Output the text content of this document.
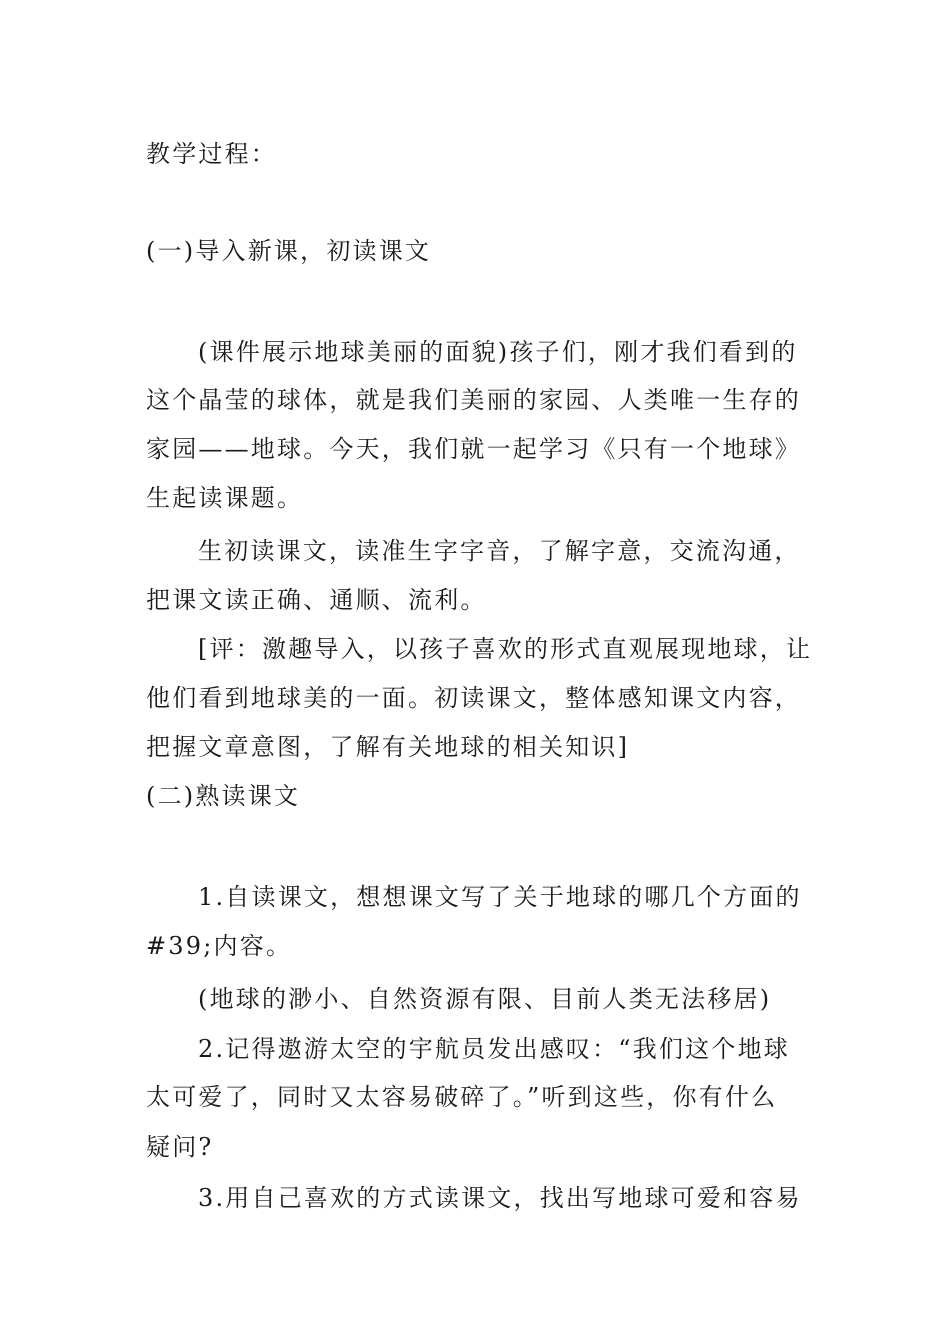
教学过程：
(一)导入新课，初读课文
(课件展示地球美丽的面貌)孩子们，刚才我们看到的
这个晶莹的球体，就是我们美丽的家园、人类唯一生存的
家园——地球。今天，我们就一起学习《只有一个地球》
生起读课题。
生初读课文，读准生字字音，了解字意，交流沟通，
把课文读正确、通顺、流利。
[评：激趣导入，以孩子喜欢的形式直观展现地球，让
他们看到地球美的一面。初读课文，整体感知课文内容，
把握文章意图，了解有关地球的相关知识]
(二)熟读课文
1.自读课文，想想课文写了关于地球的哪几个方面的
#39;内容。
(地球的渺小、自然资源有限、目前人类无法移居)
2.记得遨游太空的宇航员发出感叹：“我们这个地球
太可爱了，同时又太容易破碎了。”听到这些，你有什么
疑问?
3.用自己喜欢的方式读课文，找出写地球可爱和容易
